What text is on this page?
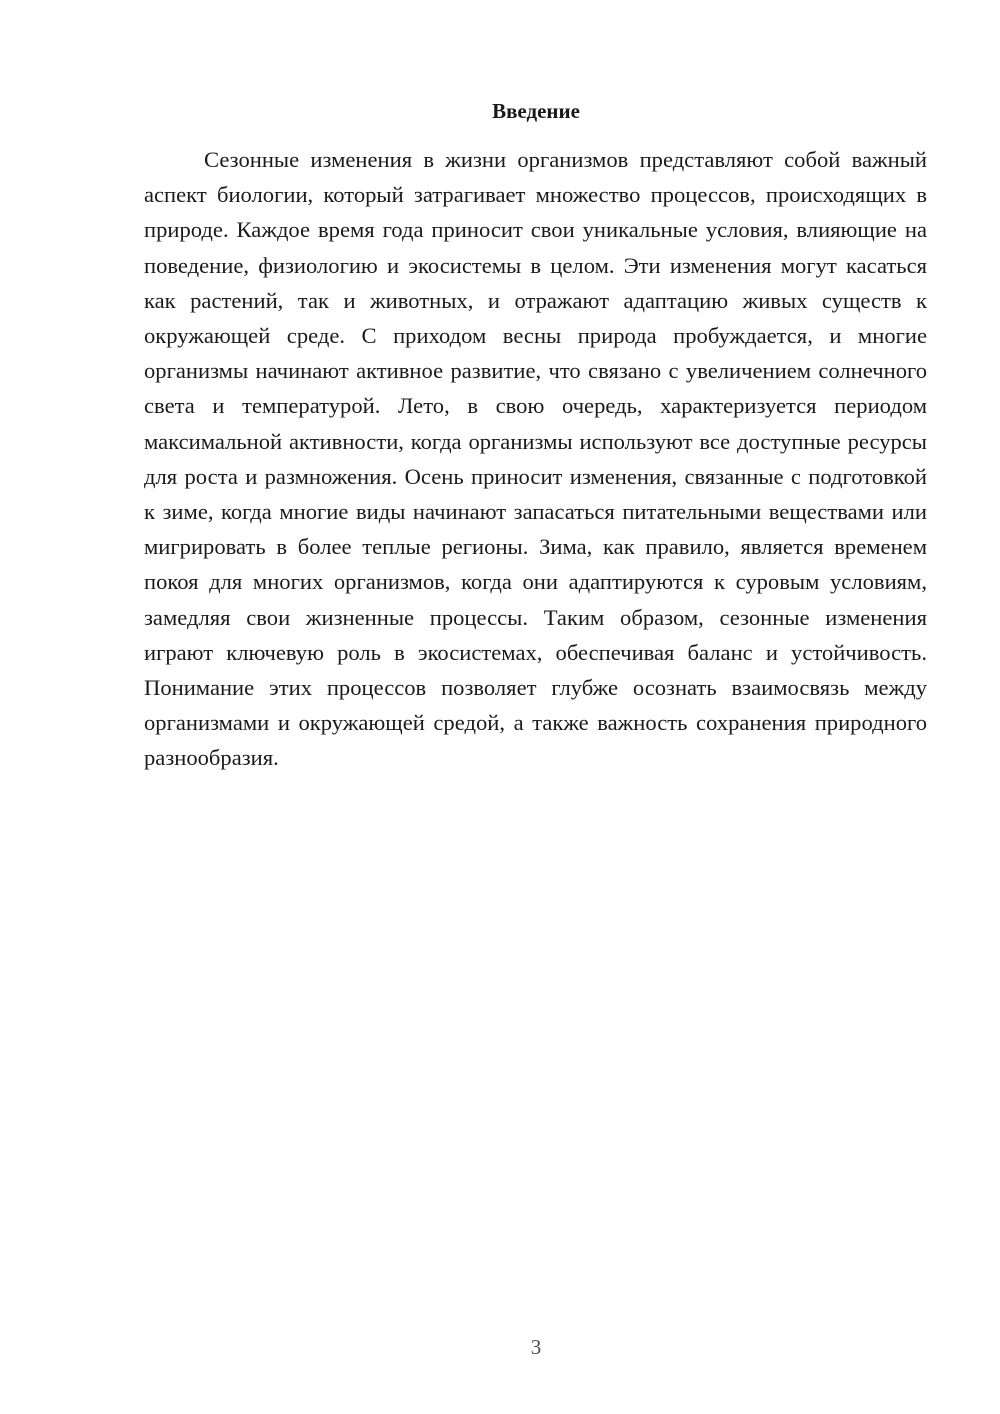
Введение

Сезонные изменения в жизни организмов представляют собой важный аспект биологии, который затрагивает множество процессов, происходящих в природе. Каждое время года приносит свои уникальные условия, влияющие на поведение, физиологию и экосистемы в целом. Эти изменения могут касаться как растений, так и животных, и отражают адаптацию живых существ к окружающей среде. С приходом весны природа пробуждается, и многие организмы начинают активное развитие, что связано с увеличением солнечного света и температурой. Лето, в свою очередь, характеризуется периодом максимальной активности, когда организмы используют все доступные ресурсы для роста и размножения. Осень приносит изменения, связанные с подготовкой к зиме, когда многие виды начинают запасаться питательными веществами или мигрировать в более теплые регионы. Зима, как правило, является временем покоя для многих организмов, когда они адаптируются к суровым условиям, замедляя свои жизненные процессы. Таким образом, сезонные изменения играют ключевую роль в экосистемах, обеспечивая баланс и устойчивость. Понимание этих процессов позволяет глубже осознать взаимосвязь между организмами и окружающей средой, а также важность сохранения природного разнообразия.

3
